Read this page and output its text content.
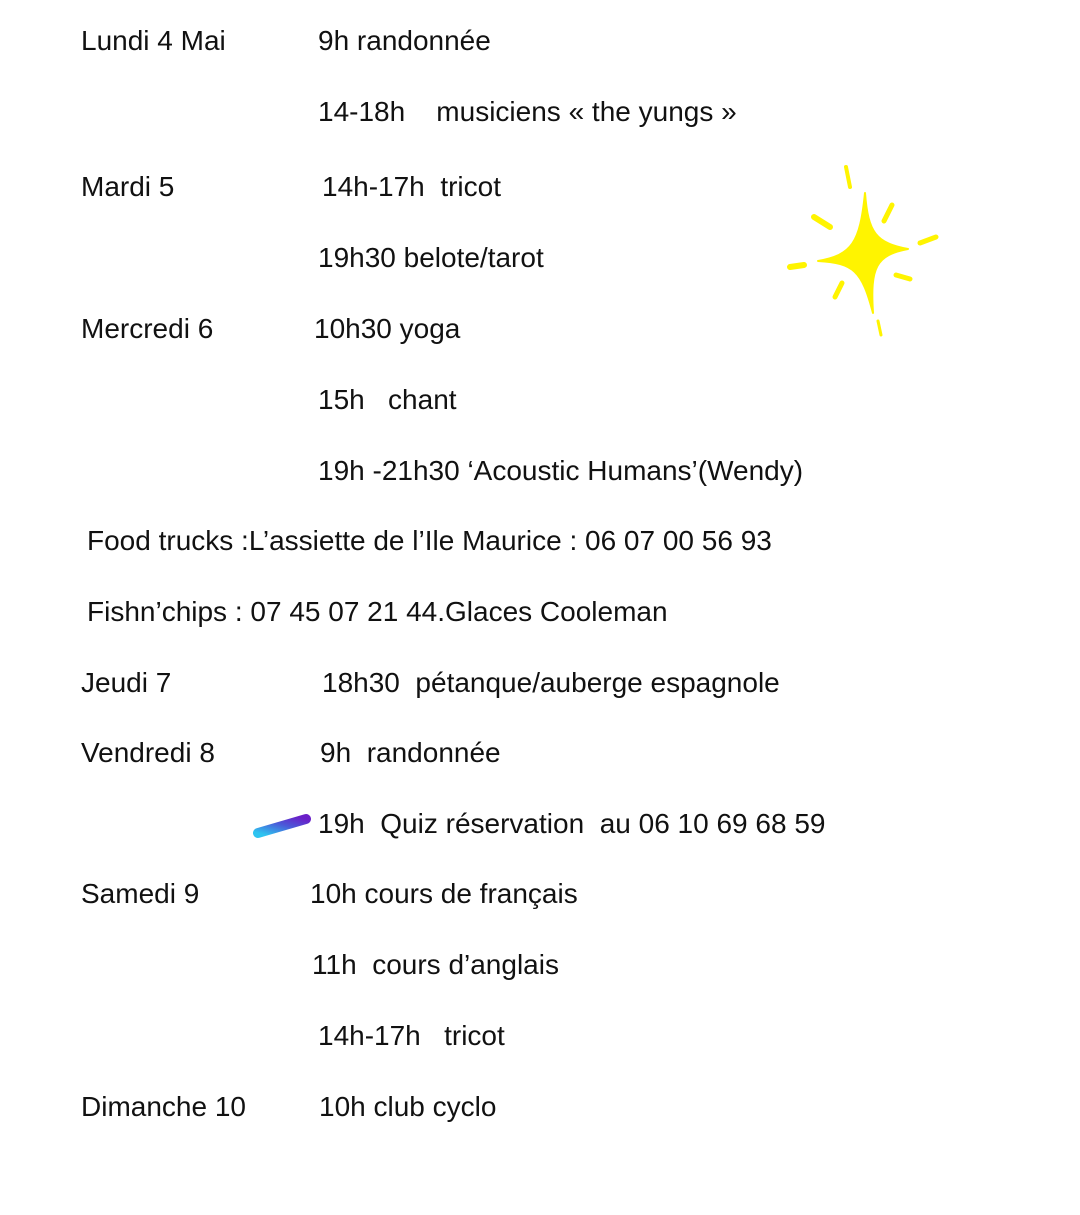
Lundi 4 Mai	9h randonnée
14-18h    musiciens « the yungs »
Mardi 5	14h-17h  tricot
19h30 belote/tarot
Mercredi 6	10h30 yoga
15h   chant
19h -21h30 ‘Acoustic Humans’(Wendy)
Food trucks :L’assiette de l’Ile Maurice : 06 07 00 56 93
Fishn’chips : 07 45 07 21 44.Glaces Cooleman
Jeudi 7	18h30  pétanque/auberge espagnole
Vendredi 8	9h  randonnée
19h  Quiz réservation  au 06 10 69 68 59
Samedi 9	10h cours de français
11h  cours d’anglais
14h-17h   tricot
Dimanche 10	10h club cyclo
